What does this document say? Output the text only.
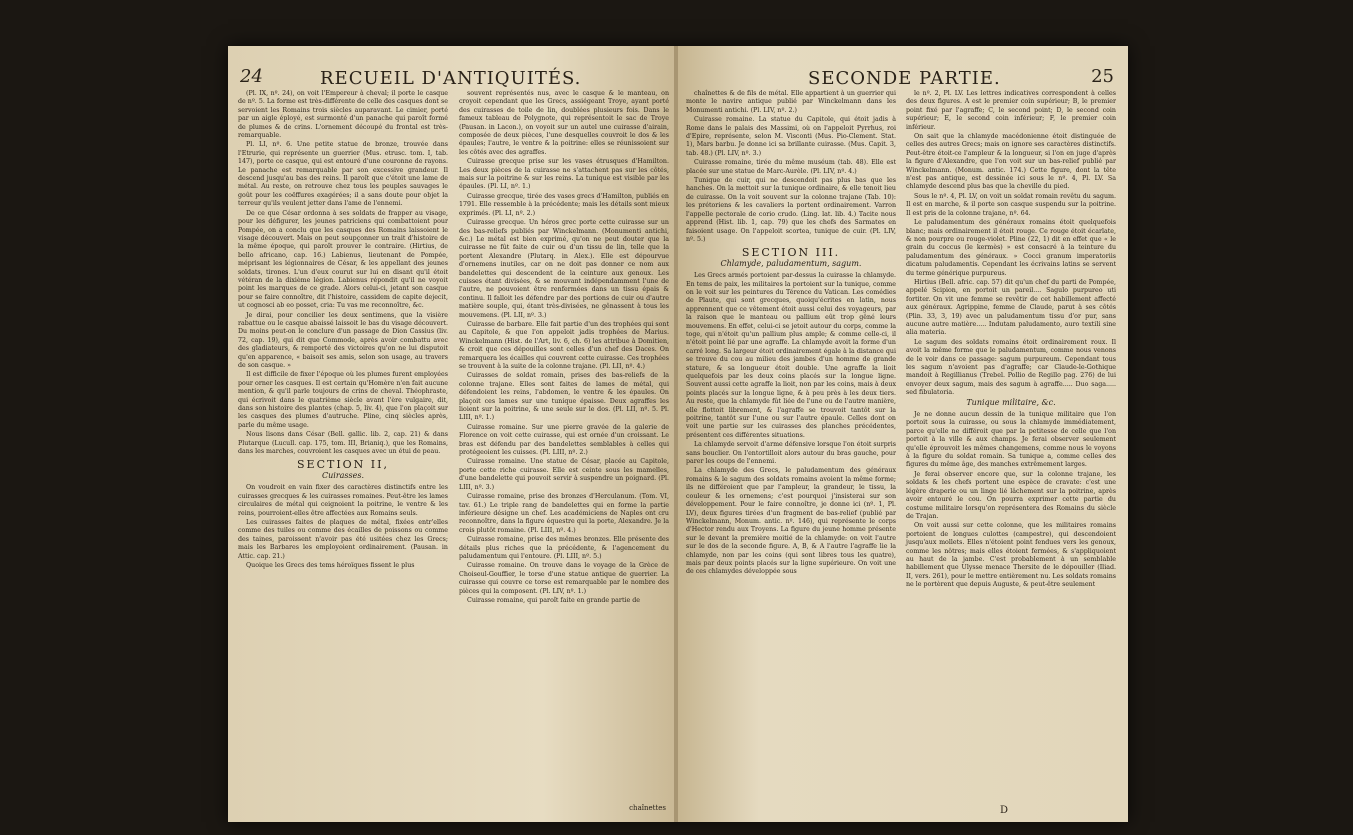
24	RECUEIL D'ANTIQUITÉS.

(Pl. IX, nº. 24), on voit l'Empereur à cheval; il porte le casque de nº. 5. La forme est très-différente de celle des casques dont se servoient les Romains trois siècles auparavant. Le cimier, porté par un aigle éployé, est surmonté d'un panache qui paroît formé de plumes & de crins. L'ornement découpé du frontal est très-remarquable.

Pl. LI, nº. 6. Une petite statue de bronze, trouvée dans l'Etrurie, qui représente un guerrier (Mus. etrusc. tom. I, tab. 147), porte ce casque, qui est entouré d'une couronne de rayons. Le panache est remarquable par son excessive grandeur. Il descend jusqu'au bas des reins. Il paroît que c'étoit une lame de métal. Au reste, on retrouve chez tous les peuples sauvages le goût pour les coëffures exagérées; il a sans doute pour objet la terreur qu'ils veulent jetter dans l'ame de l'ennemi.

De ce que César ordonna à ses soldats de frapper au visage, pour les défigurer, les jeunes patriciens qui combattoient pour Pompée, on a conclu que les casques des Romains laissoient le visage découvert. Mais on peut soupçonner un trait d'histoire de la même époque, qui paroît prouver le contraire. (Hirtius, de bello africano, cap. 16.) Labienus, lieutenant de Pompée, méprisant les légionnaires de César, & les appellant des jeunes soldats, tirones. L'un d'eux courut sur lui en disant qu'il étoit vétéran de la dixième légion. Labienus répondit qu'il ne voyoit point les marques de ce grade. Alors celui-ci, jetant son casque pour se faire connoître, dit l'histoire, cassidem de capite dejecit, ut cognosci ab eo posset, cria: Tu vas me reconnoître, &c.

Je dirai, pour concilier les deux sentimens, que la visière rabattue ou le casque abaissé laissoit le bas du visage découvert. Du moins peut-on le conclure d'un passage de Dion Cassius (liv. 72, cap. 19), qui dit que Commode, après avoir combattu avec des gladiateurs, & remporté des victoires qu'on ne lui disputoit qu'en apparence, « baisoit ses amis, selon son usage, au travers de son casque. »

Il est difficile de fixer l'époque où les plumes furent employées pour orner les casques. Il est certain qu'Homère n'en fait aucune mention, & qu'il parle toujours de crins de cheval. Théophraste, qui écrivoit dans le quatrième siècle avant l'ère vulgaire, dit, dans son histoire des plantes (chap. 5, liv. 4), que l'on plaçoit sur les casques des plumes d'autruche. Pline, cinq siècles après, parle du même usage.

Nous lisons dans César (Bell. gallic. lib. 2, cap. 21) & dans Plutarque (Lucull. cap. 175, tom. III, Brianiq.), que les Romains, dans les marches, couvroient les casques avec un étui de peau.

SECTION II,
Cuirasses.

On voudroit en vain fixer des caractères distinctifs entre les cuirasses grecques & les cuirasses romaines. Peut-être les lames circulaires de métal qui ceignoient la poitrine, le ventre & les reins, pourroient-elles être affectées aux Romains seuls.

Les cuirasses faites de plaques de métal, fixées entr'elles comme des tuiles ou comme des écailles de poissons ou comme des taines, paroissent n'avoir pas été usitées chez les Grecs; mais les Barbares les employoient ordinairement. (Pausan. in Attic. cap. 21.)

Quoique les Grecs des tems héroïques fissent le plus

souvent représentés nus, avec le casque & le manteau, on croyoit cependant que les Grecs, assiégeant Troye, ayant porté des cuirasses de toile de lin, doublées plusieurs fois. Dans le fameux tableau de Polygnote, qui représentoit le sac de Troye (Pausan. in Lacon.), on voyoit sur un autel une cuirasse d'airain, composée de deux pièces, l'une desquelles couvroit le dos & les épaules; l'autre, le ventre & la poitrine: elles se réunissoient sur les côtés avec des agraffes.

Cuirasse grecque prise sur les vases étrusques d'Hamilton. Les deux pièces de la cuirasse ne s'attachent pas sur les côtés, mais sur la poitrine & sur les reins. La tunique est visible par les épaules. (Pl. LI, nº. 1.)

Cuirasse grecque, tirée des vases grecs d'Hamilton, publiés en 1791. Elle ressemble à la précédente; mais les détails sont mieux exprimés. (Pl. LI, nº. 2.)

Cuirasse grecque. Un héros grec porte cette cuirasse sur un des bas-reliefs publiés par Winckelmann. (Monumenti antichi, &c.) Le métal est bien exprimé, qu'on ne peut douter que la cuirasse ne fût faite de cuir ou d'un tissu de lin, telle que la portent Alexandre (Plutarq. in Alex.). Elle est dépourvue d'ornemens inutiles, car on ne doit pas donner ce nom aux bandelettes qui descendent de la ceinture aux genoux. Les cuisses étant divisées, & se mouvant indépendamment l'une de l'autre, ne pouvoient être renfermées dans un tissu épais & continu. Il falloit les défendre par des portions de cuir ou d'autre matière souple, qui, étant très-divisées, ne gênassent à tous les mouvemens. (Pl. LII, nº. 3.)

Cuirasse de barbare. Elle fait partie d'un des trophées qui sont au Capitole, & que l'on appeloit jadis trophées de Marius. Winckelmann (Hist. de l'Art, liv. 6, ch. 6) les attribue à Domitien, & croit que ces dépouilles sont celles d'un chef des Daces. On remarquera les écailles qui couvrent cette cuirasse. Ces trophées se trouvent à la suite de la colonne trajane. (Pl. LII, nº. 4.)

Cuirasses de soldat romain, prises des bas-reliefs de la colonne trajane. Elles sont faites de lames de métal, qui défendoient les reins, l'abdomen, le ventre & les épaules. On plaçoit ces lames sur une tunique épaisse. Deux agraffes les lioient sur la poitrine, & une seule sur le dos. (Pl. LII, nº. 5. Pl. LIII, nº. 1.)

Cuirasse romaine. Sur une pierre gravée de la galerie de Florence on voit cette cuirasse, qui est ornée d'un croissant. Le bras est défendu par des bandelettes semblables à celles qui protégeoient les cuisses. (Pl. LIII, nº. 2.)

Cuirasse romaine. Une statue de César, placée au Capitole, porte cette riche cuirasse. Elle est ceinte sous les mamelles, d'une bandelette qui pouvoit servir à suspendre un poignard. (Pl. LIII, nº. 3.)

Cuirasse romaine, prise des bronzes d'Herculanum. (Tom. VI, tav. 61.) Le triple rang de bandelettes qui en forme la partie inférieure désigne un chef. Les académiciens de Naples ont cru reconnoître, dans la figure équestre qui la porte, Alexandre. Je la crois plutôt romaine. (Pl. LIII, nº. 4.)

Cuirasse romaine, prise des mêmes bronzes. Elle présente des détails plus riches que la précédente, & l'agencement du paludamentum qui l'entoure. (Pl. LIII, nº. 5.)

Cuirasse romaine. On trouve dans le voyage de la Grèce de Choiseul-Gouffier, le torse d'une statue antique de guerrier. La cuirasse qui couvre ce torse est remarquable par le nombre des pièces qui la composent. (Pl. LIV, nº. 1.)

Cuirasse romaine, qui paroît faite en grande partie de

chaînettes
SECONDE PARTIE.	25

chaînettes & de fils de métal. Elle appartient à un guerrier qui monte le navire antique publié par Winckelmann dans les Monumenti antichi. (Pl. LIV, nº. 2.)

Cuirasse romaine. La statue du Capitole, qui étoit jadis à Rome dans le palais des Massimi, où on l'appeloit Pyrrhus, roi d'Epire, représente, selon M. Visconti (Mus. Pio-Clement. Stat. 1), Mars barbu. Je donne ici sa brillante cuirasse. (Mus. Capit. 3, tab. 48.) (Pl. LIV, nº. 3.)

Cuirasse romaine, tirée du même muséum (tab. 48). Elle est placée sur une statue de Marc-Aurèle. (Pl. LIV, nº. 4.)

Tunique de cuir, qui ne descendoit pas plus bas que les hanches. On la mettoit sur la tunique ordinaire, & elle tenoit lieu de cuirasse. On la voit souvent sur la colonne trajane (Tab. 10): les prétoriens & les cavaliers la portent ordinairement. Varron l'appelle pectorale de corio crudo. (Ling. lat. lib. 4.) Tacite nous apprend (Hist. lib. 1, cap. 79) que les chefs des Sarmates en faisoient usage. On l'appeloit scortea, tunique de cuir. (Pl. LIV, nº. 5.)

SECTION III.
Chlamyde, paludamentum, sagum.

Les Grecs armés portoient par-dessus la cuirasse la chlamyde. En tems de paix, les militaires la portoient sur la tunique, comme on le voit sur les peintures du Térence du Vatican. Les comédies de Plaute, qui sont grecques, quoiqu'écrites en latin, nous apprennent que ce vêtement étoit aussi celui des voyageurs, par la raison que le manteau ou pallium eût trop gêné leurs mouvemens. En effet, celui-ci se jetoit autour du corps, comme la toge, qui n'étoit qu'un pallium plus ample; & comme celle-ci, il n'étoit point lié par une agraffe. La chlamyde avoit la forme d'un carré long. Sa largeur étoit ordinairement égale à la distance qui se trouve du cou au milieu des jambes d'un homme de grande stature, & sa longueur étoit double. Une agraffe la lioit quelquefois par les deux coins placés sur la longue ligne. Souvent aussi cette agraffe la lioit, non par les coins, mais à deux points placés sur la longue ligne, & à peu près à les deux tiers. Au reste, que la chlamyde fût liée de l'une ou de l'autre manière, elle flottoit librement, & l'agraffe se trouvoit tantôt sur la poitrine, tantôt sur l'une ou sur l'autre épaule. Celles dont on voit une partie sur les cuirasses des planches précédentes, présentent ces différentes situations.

La chlamyde servoit d'arme défensive lorsque l'on étoit surpris sans bouclier. On l'entortilloit alors autour du bras gauche, pour parer les coups de l'ennemi.

La chlamyde des Grecs, le paludamentum des généraux romains & le sagum des soldats romains avoient la même forme; ils ne différoient que par l'ampleur, la grandeur, le tissu, la couleur & les ornemens; c'est pourquoi j'insisterai sur son développement. Pour le faire connoître, je donne ici (nº. 1, Pl. LV), deux figures tirées d'un fragment de bas-relief (publié par Winckelmann, Monum. antic. nº. 146), qui représente le corps d'Hector rendu aux Troyens. La figure du jeune homme présente sur le devant la première moitié de la chlamyde: on voit l'autre sur le dos de la seconde figure. A, B, & A l'autre l'agraffe lie la chlamyde, non par les coins (qui sont libres tous les quatre), mais par deux points placés sur la ligne supérieure. On voit une de ces chlamydes développée sous

le nº. 2, Pl. LV. Les lettres indicatives correspondent à celles des deux figures. A est le premier coin supérieur; B, le premier point fixé par l'agraffe; C, le second point; D, le second coin supérieur; E, le second coin inférieur; F, le premier coin inférieur.

On sait que la chlamyde macédonienne étoit distinguée de celles des autres Grecs; mais on ignore ses caractères distinctifs. Peut-être étoit-ce l'ampleur & la longueur, si l'on en juge d'après la figure d'Alexandre, que l'on voit sur un bas-relief publié par Winckelmann. (Monum. antic. 174.) Cette figure, dont la tête n'est pas antique, est dessinée ici sous le nº. 4, Pl. LV. Sa chlamyde descend plus bas que la cheville du pied.

Sous le nº. 4, Pl. LV, on voit un soldat romain revêtu du sagum. Il est en marche, & il porte son casque suspendu sur la poitrine. Il est pris de la colonne trajane, nº. 64.

Le paludamentum des généraux romains étoit quelquefois blanc; mais ordinairement il étoit rouge. Ce rouge étoit écarlate, & non pourpre ou rouge-violet. Pline (22, 1) dit en effet que « le grain du coccus (le kermès) » est consacré à la teinture du paludamentum des généraux. » Cocci granum imperatoriis dicatum paludamentis. Cependant les écrivains latins se servent du terme générique purpureus.

Hirtius (Bell. afric. cap. 57) dit qu'un chef du parti de Pompée, appelé Scipion, en portoit un pareil.... Sagulo purpureo uti fortiter. On vit une femme se revêtir de cet habillement affecté aux généraux. Agrippine, femme de Claude, parut à ses côtés (Plin. 33, 3, 19) avec un paludamentum tissu d'or pur, sans aucune autre matière..... Indutam paludamento, auro textili sine alia materia.

Le sagum des soldats romains étoit ordinairement roux. Il avoit la même forme que le paludamentum, comme nous venons de le voir dans ce passage: sagum purpureum. Cependant tous les sagum n'avoient pas d'agraffe; car Claude-le-Gothique mandoit à Regillianus (Trebel. Pollio de Regillo pag. 276) de lui envoyer deux sagum, mais des sagum à agraffe..... Duo saga..... sed fibulatoria.

Tunique militaire, &c.

Je ne donne aucun dessin de la tunique militaire que l'on portoit sous la cuirasse, ou sous la chlamyde immédiatement, parce qu'elle ne différoit que par la petitesse de celle que l'on portoit à la ville & aux champs. Je ferai observer seulement qu'elle éprouvoit les mêmes changemens, comme nous le voyons à la figure du soldat romain. Sa tunique a, comme celles des figures du même âge, des manches extrêmement larges.

Je ferai observer encore que, sur la colonne trajane, les soldats & les chefs portent une espèce de cravate: c'est une légère draperie ou un linge lié lâchement sur la poitrine, après avoir entouré le cou. On pourra exprimer cette partie du costume militaire lorsqu'on représentera des Romains du siècle de Trajan.

On voit aussi sur cette colonne, que les militaires romains portoient de longues culottes (campestre), qui descendoient jusqu'aux mollets. Elles n'étoient point fendues vers les genoux, comme les nôtres; mais elles étoient fermées, & s'appliquoient au haut de la jambe. C'est probablement à un semblable habillement que Ulysse menace Thersite de le dépouiller (Iliad. II, vers. 261), pour le mettre entièrement nu. Les soldats romains ne le portèrent que depuis Auguste, & peut-être seulement

D
